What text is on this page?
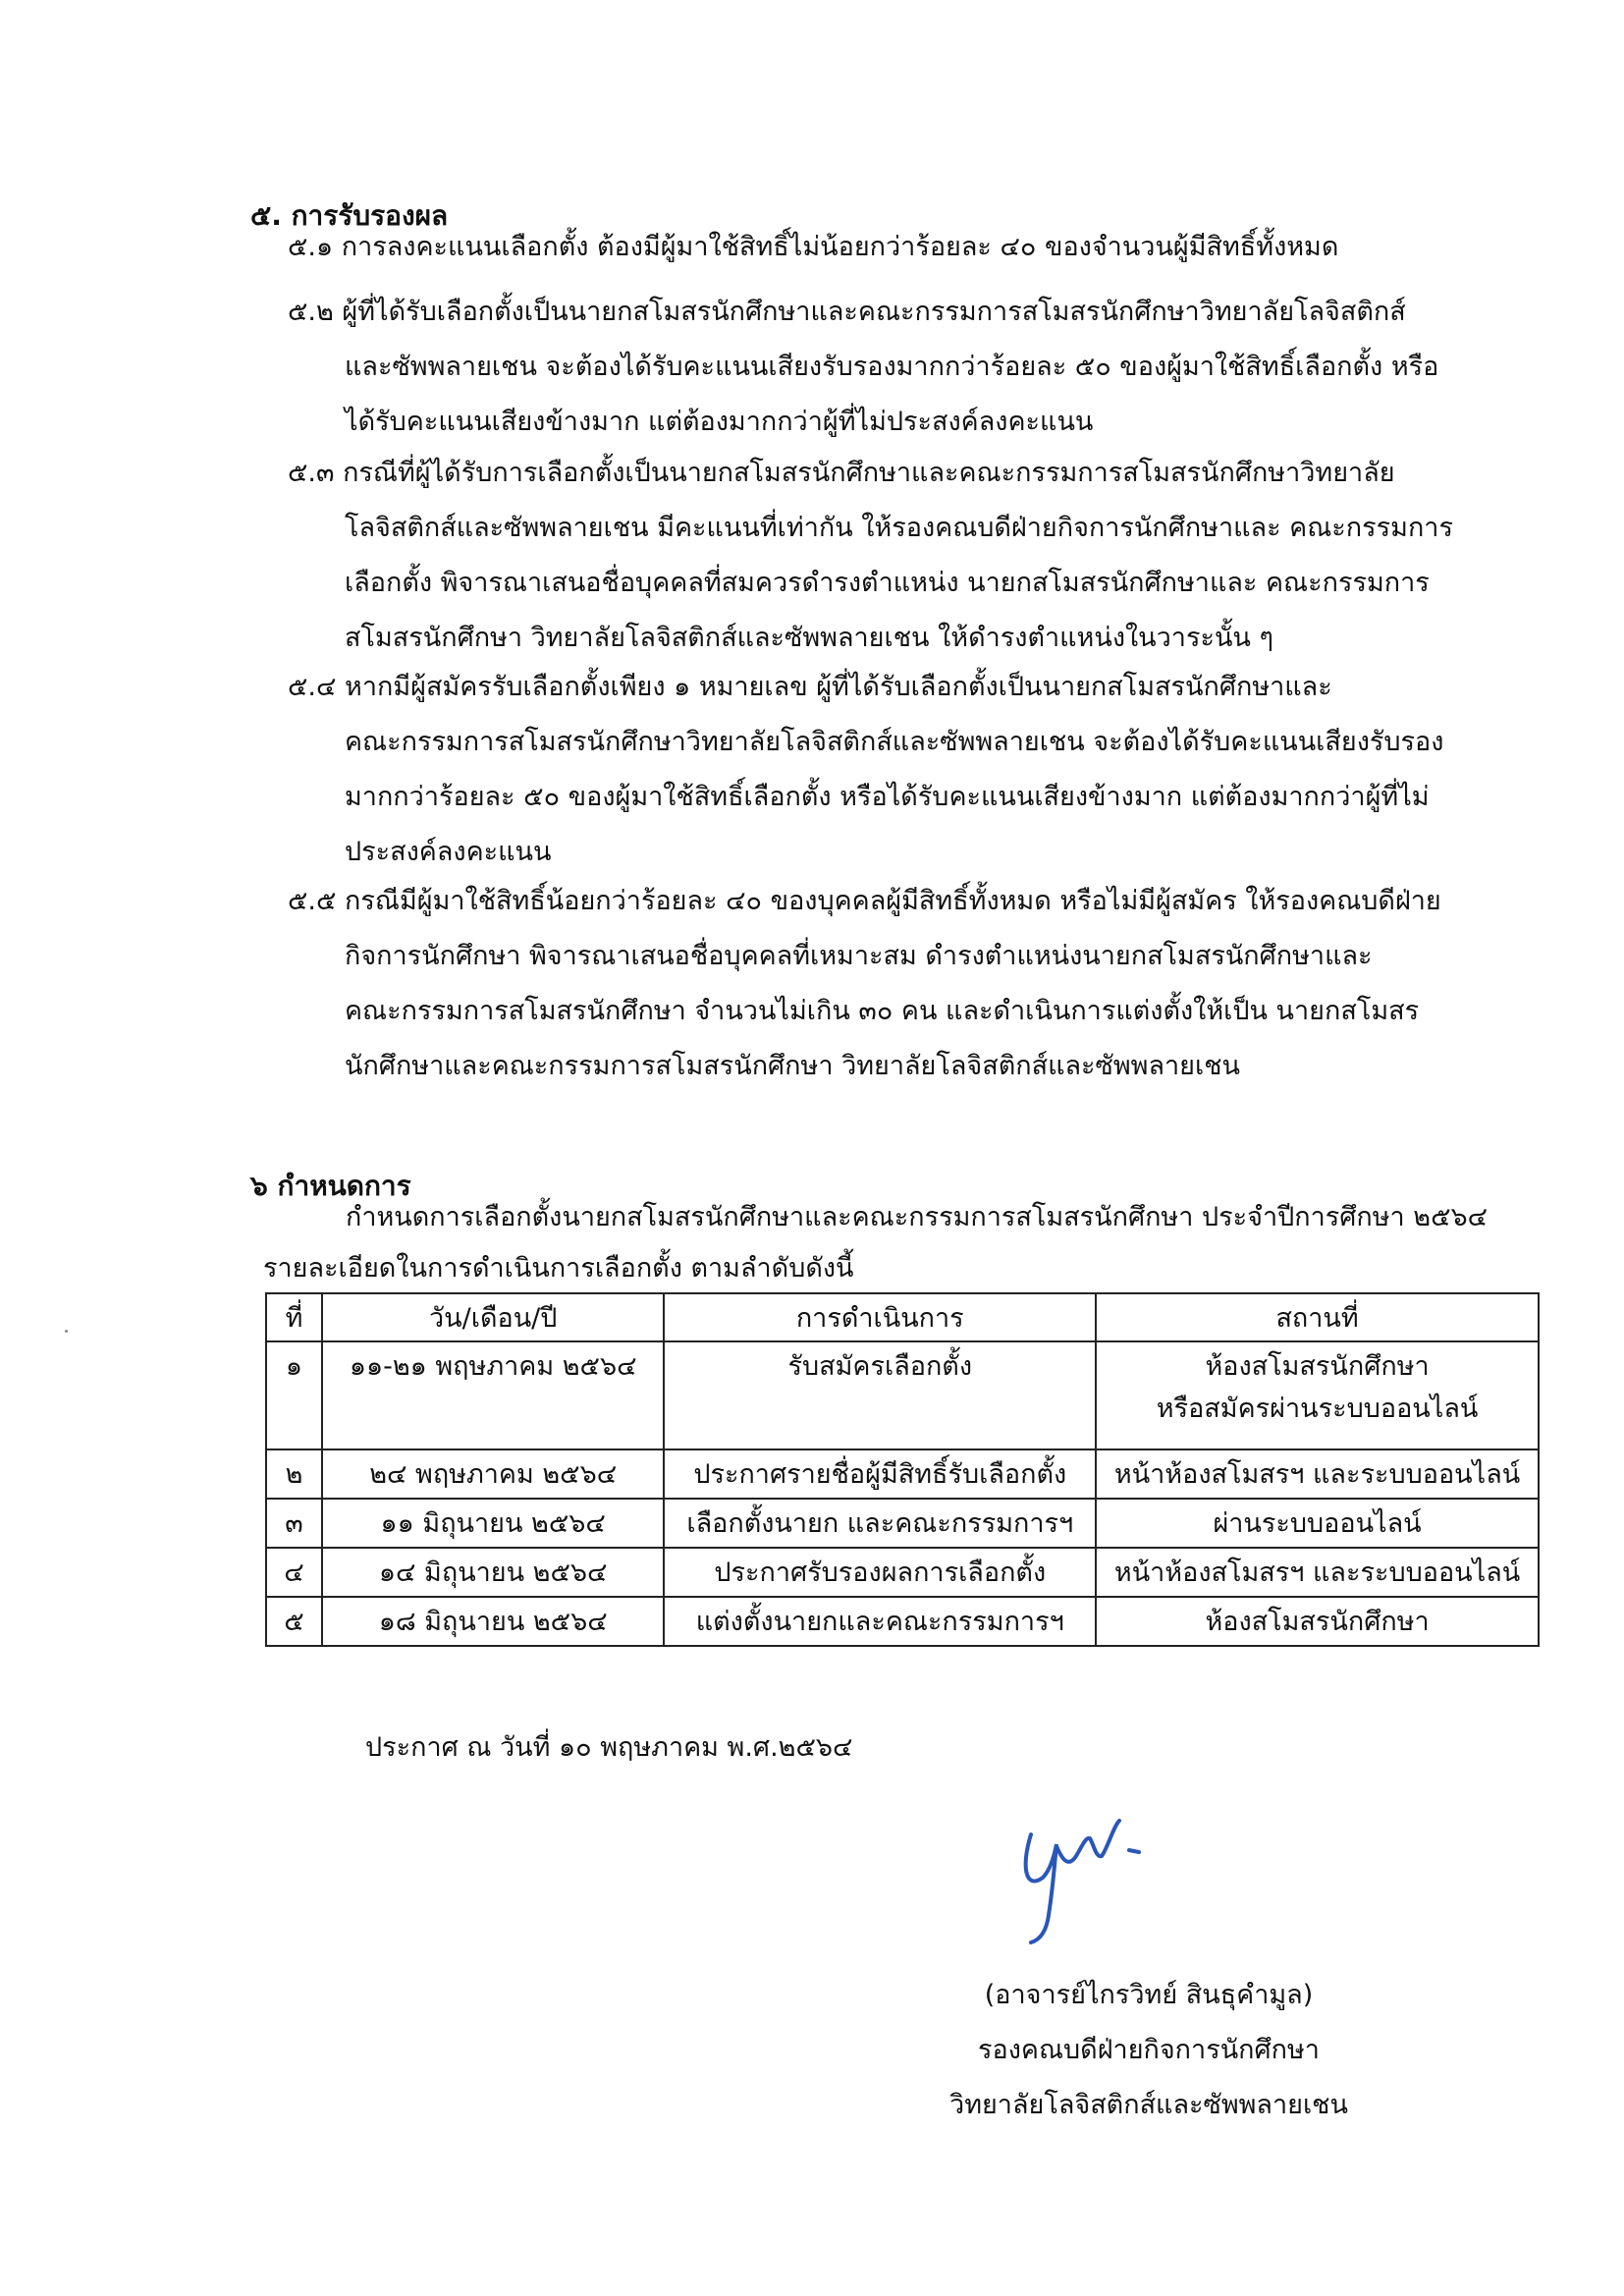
๕. การรับรองผล
๕.๑ การลงคะแนนเลือกตั้ง ต้องมีผู้มาใช้สิทธิ์ไม่น้อยกว่าร้อยละ ๔๐ ของจำนวนผู้มีสิทธิ์ทั้งหมด
๕.๒ ผู้ที่ได้รับเลือกตั้งเป็นนายกสโมสรนักศึกษาและคณะกรรมการสโมสรนักศึกษาวิทยาลัยโลจิสติกส์
และซัพพลายเชน จะต้องได้รับคะแนนเสียงรับรองมากกว่าร้อยละ ๕๐ ของผู้มาใช้สิทธิ์เลือกตั้ง หรือ
ได้รับคะแนนเสียงข้างมาก แต่ต้องมากกว่าผู้ที่ไม่ประสงค์ลงคะแนน
๕.๓ กรณีที่ผู้ได้รับการเลือกตั้งเป็นนายกสโมสรนักศึกษาและคณะกรรมการสโมสรนักศึกษาวิทยาลัย
โลจิสติกส์และซัพพลายเชน มีคะแนนที่เท่ากัน ให้รองคณบดีฝ่ายกิจการนักศึกษาและ คณะกรรมการ
เลือกตั้ง พิจารณาเสนอชื่อบุคคลที่สมควรดำรงตำแหน่ง นายกสโมสรนักศึกษาและ คณะกรรมการ
สโมสรนักศึกษา วิทยาลัยโลจิสติกส์และซัพพลายเชน ให้ดำรงตำแหน่งในวาระนั้น ๆ
๕.๔ หากมีผู้สมัครรับเลือกตั้งเพียง ๑ หมายเลข ผู้ที่ได้รับเลือกตั้งเป็นนายกสโมสรนักศึกษาและ
คณะกรรมการสโมสรนักศึกษาวิทยาลัยโลจิสติกส์และซัพพลายเชน จะต้องได้รับคะแนนเสียงรับรอง
มากกว่าร้อยละ ๕๐ ของผู้มาใช้สิทธิ์เลือกตั้ง หรือได้รับคะแนนเสียงข้างมาก แต่ต้องมากกว่าผู้ที่ไม่
ประสงค์ลงคะแนน
๕.๕ กรณีมีผู้มาใช้สิทธิ์น้อยกว่าร้อยละ ๔๐ ของบุคคลผู้มีสิทธิ์ทั้งหมด หรือไม่มีผู้สมัคร ให้รองคณบดีฝ่าย
กิจการนักศึกษา พิจารณาเสนอชื่อบุคคลที่เหมาะสม ดำรงตำแหน่งนายกสโมสรนักศึกษาและ
คณะกรรมการสโมสรนักศึกษา จำนวนไม่เกิน ๓๐ คน และดำเนินการแต่งตั้งให้เป็น นายกสโมสร
นักศึกษาและคณะกรรมการสโมสรนักศึกษา วิทยาลัยโลจิสติกส์และซัพพลายเชน
๖ กำหนดการ
กำหนดการเลือกตั้งนายกสโมสรนักศึกษาและคณะกรรมการสโมสรนักศึกษา ประจำปีการศึกษา ๒๕๖๔
รายละเอียดในการดำเนินการเลือกตั้ง ตามลำดับดังนี้
ที่	วัน/เดือน/ปี	การดำเนินการ	สถานที่
๑	๑๑-๒๑ พฤษภาคม ๒๕๖๔	รับสมัครเลือกตั้ง	ห้องสโมสรนักศึกษา
หรือสมัครผ่านระบบออนไลน์

๒	๒๔ พฤษภาคม ๒๕๖๔	ประกาศรายชื่อผู้มีสิทธิ์รับเลือกตั้ง	หน้าห้องสโมสรฯ และระบบออนไลน์
๓	๑๑ มิถุนายน ๒๕๖๔	เลือกตั้งนายก และคณะกรรมการฯ	ผ่านระบบออนไลน์
๔	๑๔ มิถุนายน ๒๕๖๔	ประกาศรับรองผลการเลือกตั้ง	หน้าห้องสโมสรฯ และระบบออนไลน์
๕	๑๘ มิถุนายน ๒๕๖๔	แต่งตั้งนายกและคณะกรรมการฯ	ห้องสโมสรนักศึกษา
ประกาศ ณ วันที่ ๑๐ พฤษภาคม พ.ศ.๒๕๖๔
(อาจารย์ไกรวิทย์ สินธุคำมูล)
รองคณบดีฝ่ายกิจการนักศึกษา
วิทยาลัยโลจิสติกส์และซัพพลายเชน
